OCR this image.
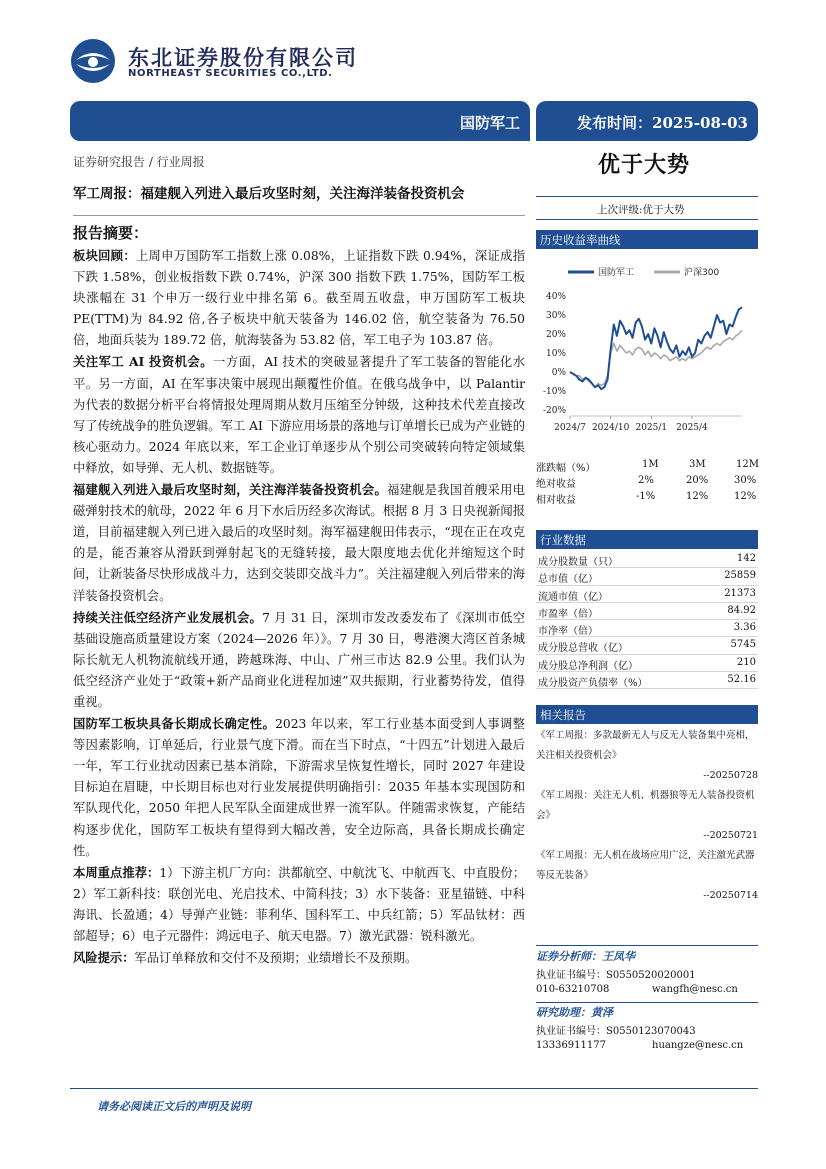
东北证券股份有限公司
NORTHEAST SECURITIES CO.,LTD.
国防军工	发布时间：2025-08-03
证券研究报告 / 行业周报	优于大势
军工周报：福建舰入列进入最后攻坚时刻，关注海洋装备投资机会
上次评级:优于大势
报告摘要：

板块回顾：上周申万国防军工指数上涨 0.08%，上证指数下跌 0.94%，深证成指下跌 1.58%，创业板指数下跌 0.74%，沪深 300 指数下跌 1.75%，国防军工板块涨幅在 31 个申万一级行业中排名第 6。截至周五收盘，申万国防军工板块PE(TTM)为 84.92 倍,各子板块中航天装备为 146.02 倍，航空装备为 76.50 倍，地面兵装为 189.72 倍，航海装备为 53.82 倍，军工电子为 103.87 倍。

关注军工 AI 投资机会。一方面，AI 技术的突破显著提升了军工装备的智能化水平。另一方面，AI 在军事决策中展现出颠覆性价值。在俄乌战争中，以 Palantir 为代表的数据分析平台将情报处理周期从数月压缩至分钟级，这种技术代差直接改写了传统战争的胜负逻辑。军工 AI 下游应用场景的落地与订单增长已成为产业链的核心驱动力。2024 年底以来，军工企业订单逐步从个别公司突破转向特定领域集中释放，如导弹、无人机、数据链等。

福建舰入列进入最后攻坚时刻，关注海洋装备投资机会。福建舰是我国首艘采用电磁弹射技术的航母，2022 年 6 月下水后历经多次海试。根据 8 月 3 日央视新闻报道，目前福建舰入列已进入最后的攻坚时刻。海军福建舰田伟表示，“现在正在攻克的是，能否兼容从滑跃到弹射起飞的无缝转接，最大限度地去优化并缩短这个时间，让新装备尽快形成战斗力，达到交装即交战斗力”。关注福建舰入列后带来的海洋装备投资机会。

持续关注低空经济产业发展机会。7 月 31 日，深圳市发改委发布了《深圳市低空基础设施高质量建设方案（2024—2026 年）》。7 月 30 日，粤港澳大湾区首条城际长航无人机物流航线开通，跨越珠海、中山、广州三市达 82.9 公里。我们认为低空经济产业处于“政策+新产品商业化进程加速”双共振期，行业蓄势待发，值得重视。

国防军工板块具备长期成长确定性。2023 年以来，军工行业基本面受到人事调整等因素影响，订单延后，行业景气度下滑。而在当下时点，“十四五”计划进入最后一年，军工行业扰动因素已基本消除，下游需求呈恢复性增长，同时 2027 年建设目标迫在眉睫，中长期目标也对行业发展提供明确指引：2035 年基本实现国防和军队现代化，2050 年把人民军队全面建成世界一流军队。伴随需求恢复，产能结构逐步优化，国防军工板块有望得到大幅改善，安全边际高，具备长期成长确定性。

本周重点推荐：1）下游主机厂方向：洪都航空、中航沈飞、中航西飞、中直股份；2）军工新科技：联创光电、光启技术、中简科技；3）水下装备：亚星锚链、中科海讯、长盈通；4）导弹产业链：菲利华、国科军工、中兵红箭；5）军品钛材：西部超导；6）电子元器件：鸿远电子、航天电器。7）激光武器：锐科激光。

风险提示：军品订单释放和交付不及预期；业绩增长不及预期。

历史收益率曲线
国防军工	沪深300
40%
30%
20%
10%
0%
-10%
-20%
2024/7 2024/10 2025/1 2025/4
涨跌幅（%）	1M	3M	12M
绝对收益	2%	20%	30%
相对收益	-1%	12%	12%
行业数据
成分股数量（只）	142
总市值（亿）	25859
流通市值（亿）	21373
市盈率（倍）	84.92
市净率（倍）	3.36
成分股总营收（亿）	5745
成分股总净利润（亿）	210
成分股资产负债率（%）	52.16
相关报告
《军工周报：多款最新无人与反无人装备集中亮相，关注相关投资机会》
--20250728
《军工周报：关注无人机、机器狼等无人装备投资机会》
--20250721
《军工周报：无人机在战场应用广泛，关注激光武器等反无装备》
--20250714
证券分析师：王凤华
执业证书编号：S0550520020001
010-63210708	wangfh@nesc.cn
研究助理：黄泽
执业证书编号：S0550123070043
13336911177	huangze@nesc.cn
请务必阅读正文后的声明及说明
